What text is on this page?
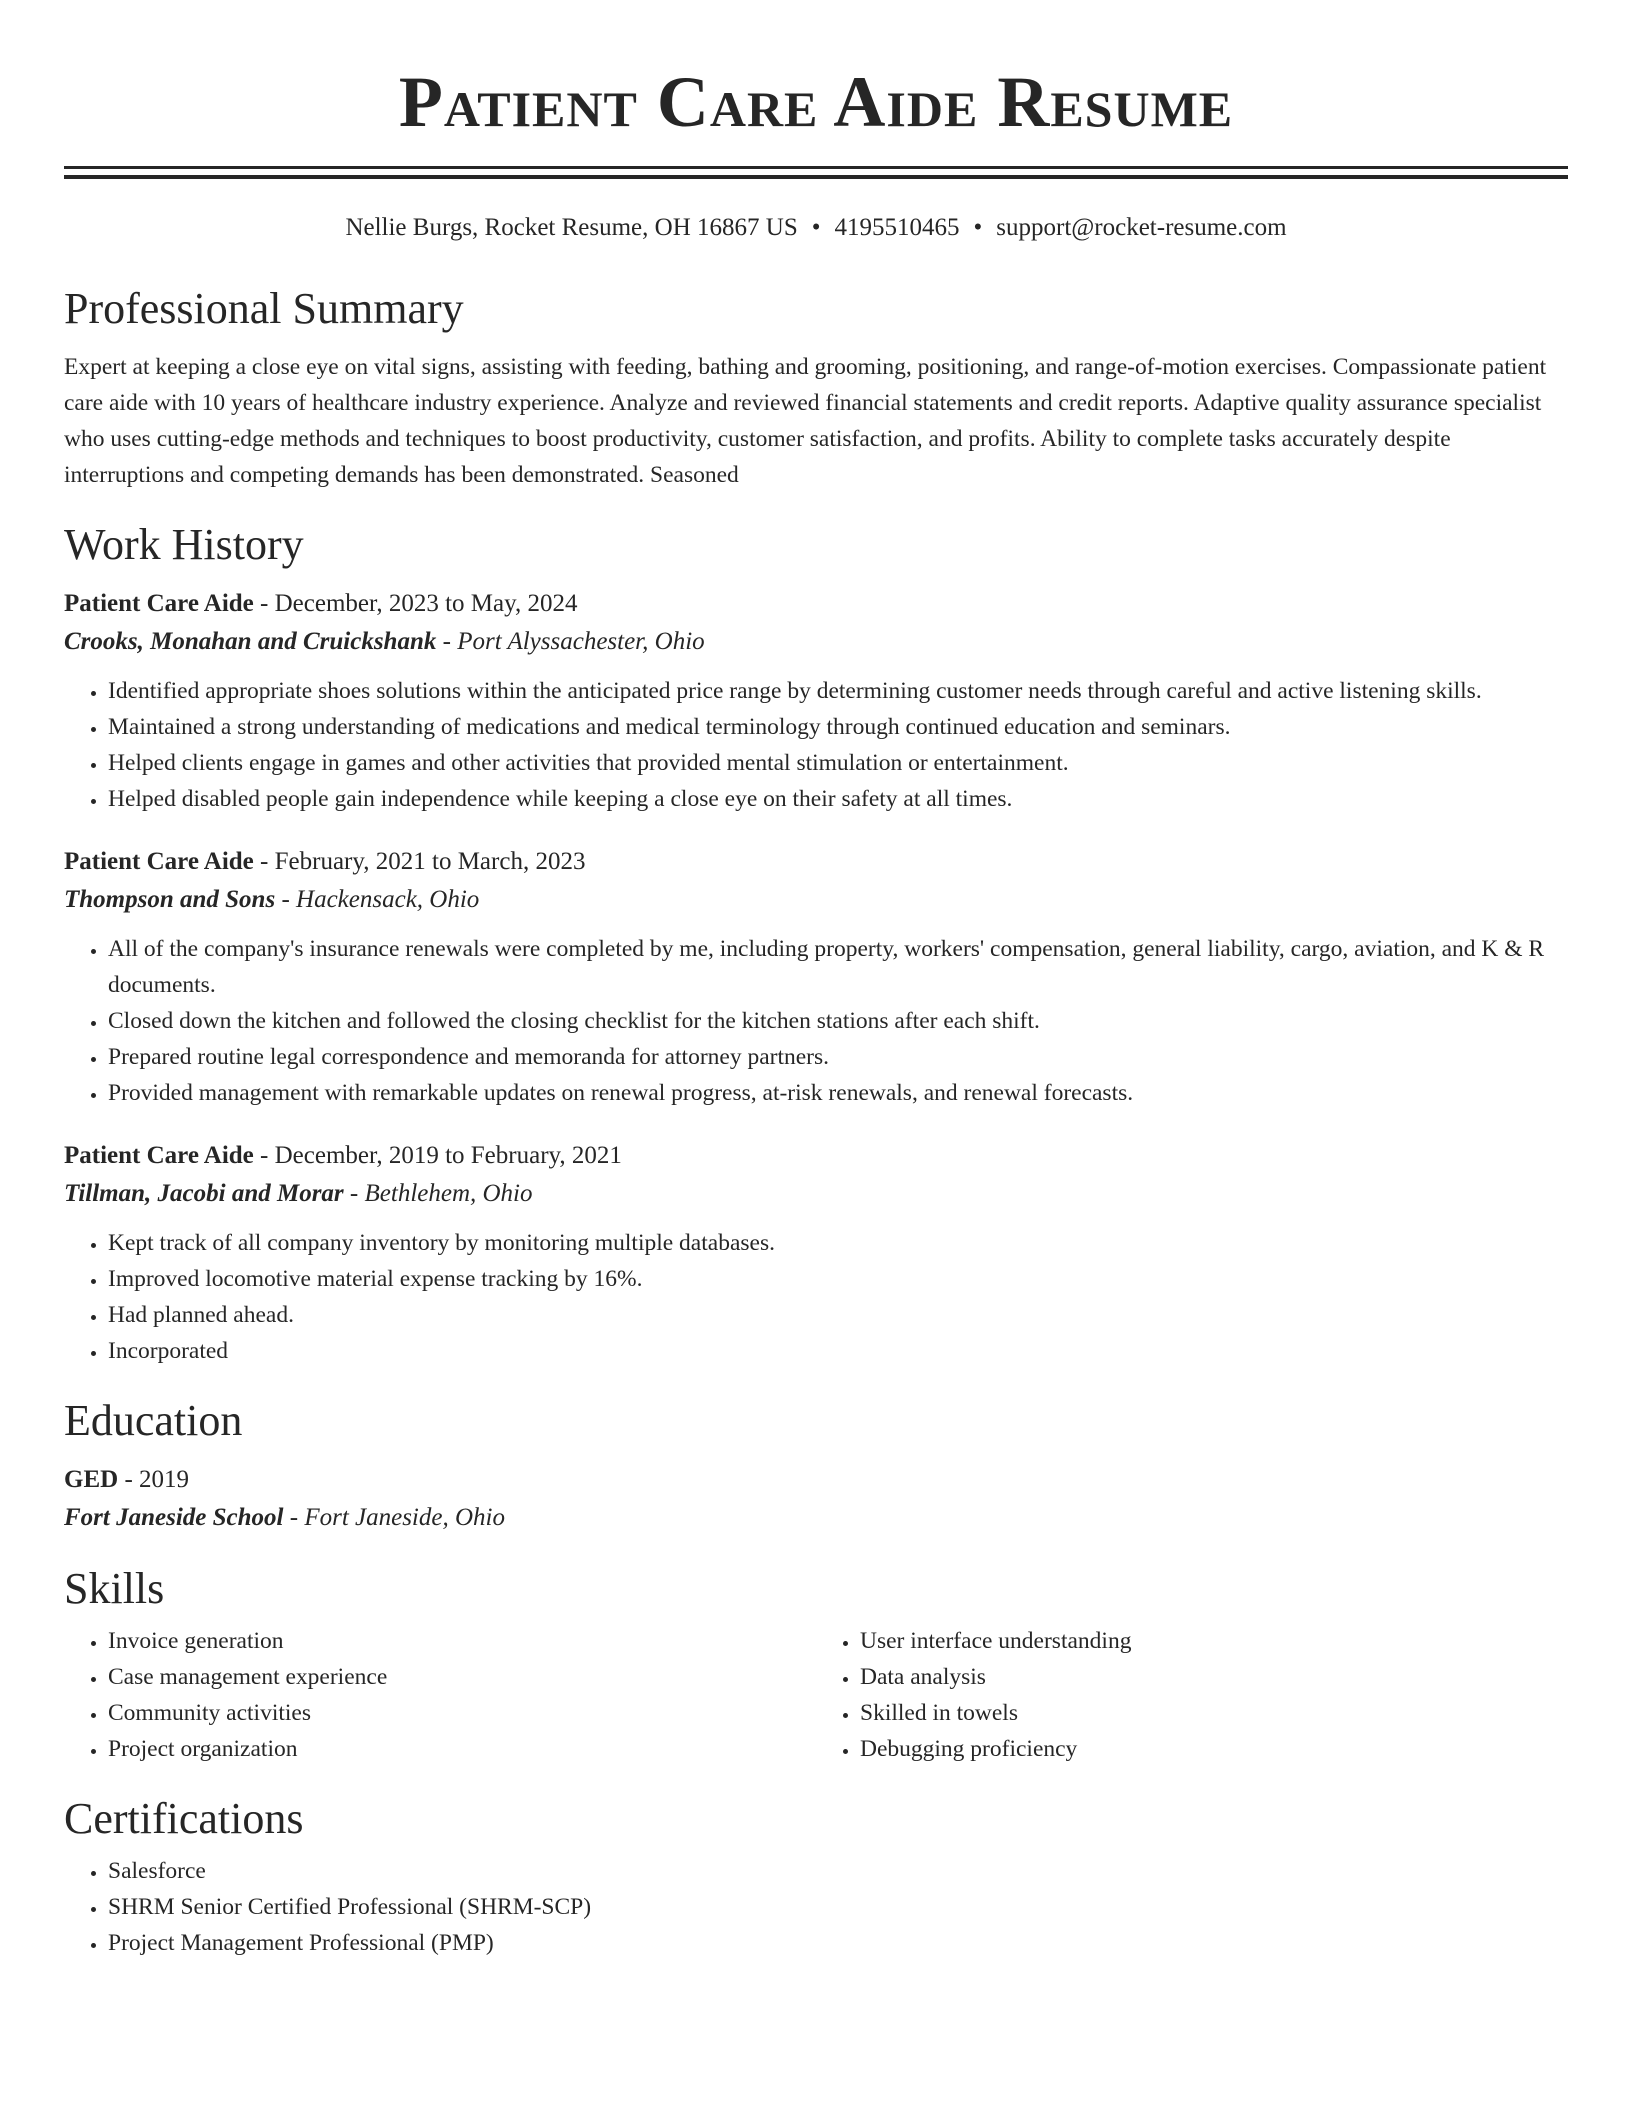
Patient Care Aide Resume
Nellie Burgs, Rocket Resume, OH 16867 US • 4195510465 • support@rocket-resume.com
Professional Summary

Expert at keeping a close eye on vital signs, assisting with feeding, bathing and grooming, positioning, and range-of-motion exercises. Compassionate patient care aide with 10 years of healthcare industry experience. Analyze and reviewed financial statements and credit reports. Adaptive quality assurance specialist who uses cutting-edge methods and techniques to boost productivity, customer satisfaction, and profits. Ability to complete tasks accurately despite interruptions and competing demands has been demonstrated. Seasoned

Work History
Patient Care Aide - December, 2023 to May, 2024
Crooks, Monahan and Cruickshank - Port Alyssachester, Ohio
• Identified appropriate shoes solutions within the anticipated price range by determining customer needs through careful and active listening skills.
• Maintained a strong understanding of medications and medical terminology through continued education and seminars.
• Helped clients engage in games and other activities that provided mental stimulation or entertainment.
• Helped disabled people gain independence while keeping a close eye on their safety at all times.
Patient Care Aide - February, 2021 to March, 2023
Thompson and Sons - Hackensack, Ohio
• All of the company's insurance renewals were completed by me, including property, workers' compensation, general liability, cargo, aviation, and K & R documents.
• Closed down the kitchen and followed the closing checklist for the kitchen stations after each shift.
• Prepared routine legal correspondence and memoranda for attorney partners.
• Provided management with remarkable updates on renewal progress, at-risk renewals, and renewal forecasts.
Patient Care Aide - December, 2019 to February, 2021
Tillman, Jacobi and Morar - Bethlehem, Ohio
• Kept track of all company inventory by monitoring multiple databases.
• Improved locomotive material expense tracking by 16%.
• Had planned ahead.
• Incorporated
Education
GED - 2019
Fort Janeside School - Fort Janeside, Ohio
Skills
• Invoice generation
• Case management experience
• Community activities
• Project organization
• User interface understanding
• Data analysis
• Skilled in towels
• Debugging proficiency
Certifications
• Salesforce
• SHRM Senior Certified Professional (SHRM-SCP)
• Project Management Professional (PMP)
